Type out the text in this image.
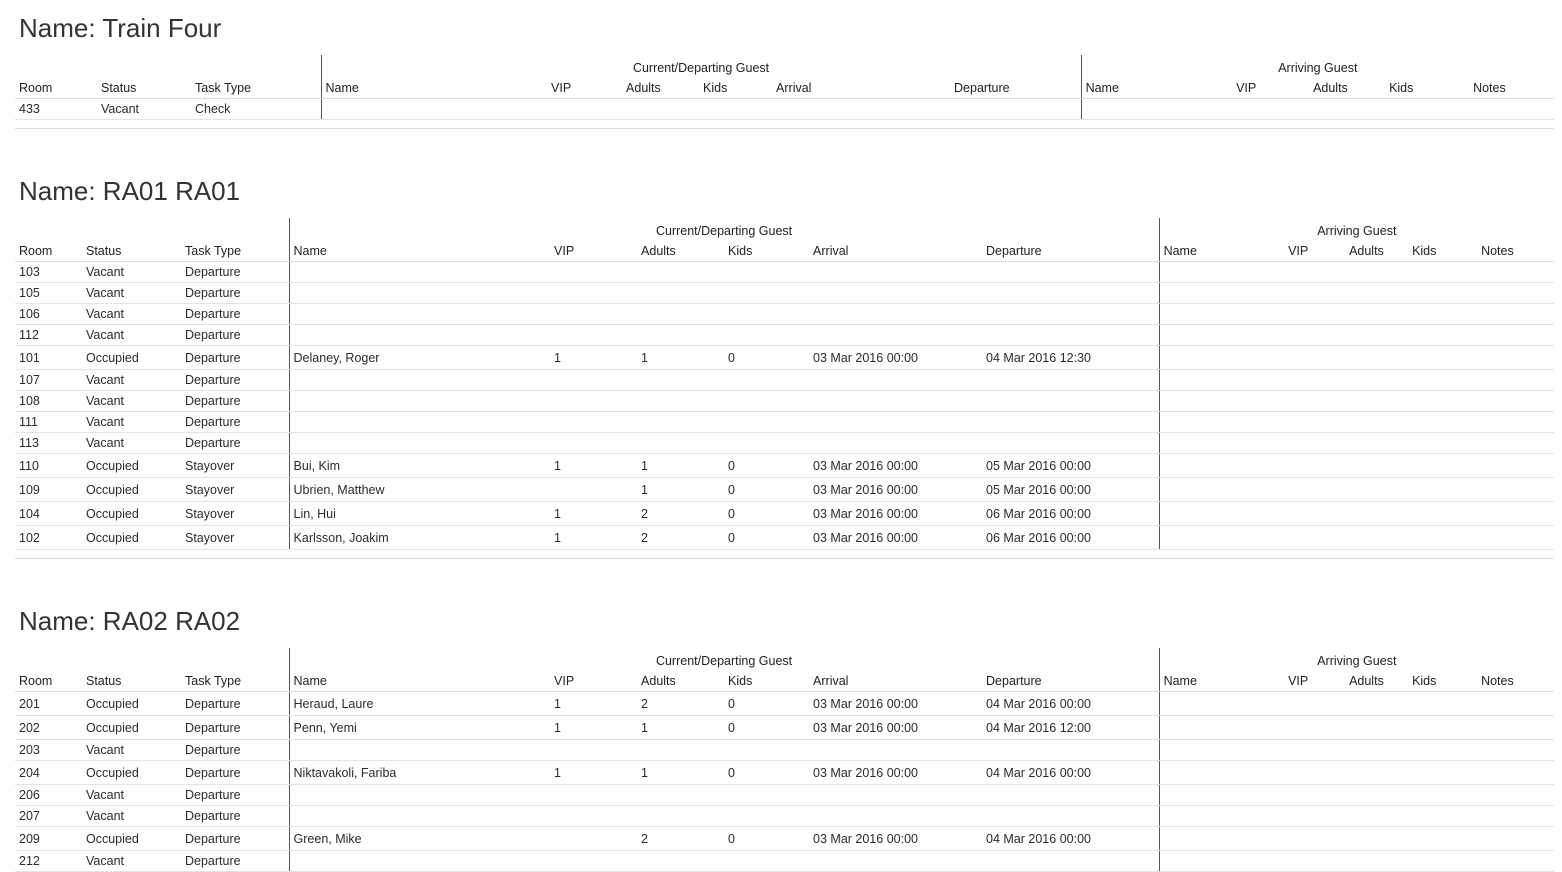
Name: Train Four
			Current/Departing Guest						Arriving Guest				
Room	Status	Task Type	Name	VIP	Adults	Kids	Arrival	Departure	Name	VIP	Adults	Kids	Notes
433	Vacant	Check											

Name: RA01 RA01
			Current/Departing Guest						Arriving Guest				
Room	Status	Task Type	Name	VIP	Adults	Kids	Arrival	Departure	Name	VIP	Adults	Kids	Notes
103	Vacant	Departure											
105	Vacant	Departure											
106	Vacant	Departure											
112	Vacant	Departure											
101	Occupied	Departure	Delaney, Roger	1	1	0	03 Mar 2016 00:00	04 Mar 2016 12:30					
107	Vacant	Departure											
108	Vacant	Departure											
111	Vacant	Departure											
113	Vacant	Departure											
110	Occupied	Stayover	Bui, Kim	1	1	0	03 Mar 2016 00:00	05 Mar 2016 00:00					
109	Occupied	Stayover	Ubrien, Matthew		1	0	03 Mar 2016 00:00	05 Mar 2016 00:00					
104	Occupied	Stayover	Lin, Hui	1	2	0	03 Mar 2016 00:00	06 Mar 2016 00:00					
102	Occupied	Stayover	Karlsson, Joakim	1	2	0	03 Mar 2016 00:00	06 Mar 2016 00:00					

Name: RA02 RA02
			Current/Departing Guest						Arriving Guest				
Room	Status	Task Type	Name	VIP	Adults	Kids	Arrival	Departure	Name	VIP	Adults	Kids	Notes
201	Occupied	Departure	Heraud, Laure	1	2	0	03 Mar 2016 00:00	04 Mar 2016 00:00					
202	Occupied	Departure	Penn, Yemi	1	1	0	03 Mar 2016 00:00	04 Mar 2016 12:00					
203	Vacant	Departure											
204	Occupied	Departure	Niktavakoli, Fariba	1	1	0	03 Mar 2016 00:00	04 Mar 2016 00:00					
206	Vacant	Departure											
207	Vacant	Departure											
209	Occupied	Departure	Green, Mike		2	0	03 Mar 2016 00:00	04 Mar 2016 00:00					
212	Vacant	Departure											
